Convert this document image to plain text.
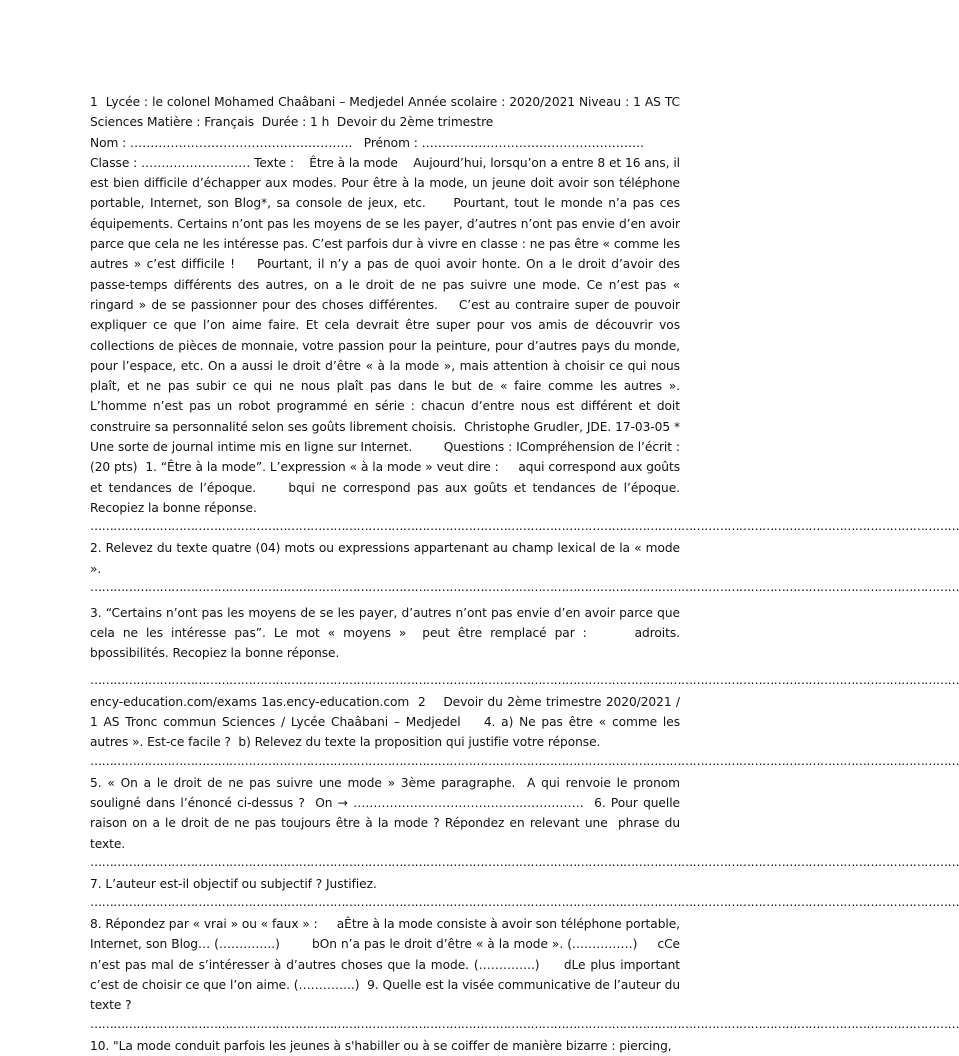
1  Lycée : le colonel Mohamed Chaâbani – Medjedel Année scolaire : 2020/2021 Niveau : 1 AS TC Sciences Matière : Français  Durée : 1 h  Devoir du 2ème trimestre

Nom : ……………………………………………….   Prénom : ……………………………………………….

Classe : ……………………… Texte :    Être à la mode    Aujourd’hui, lorsqu’on a entre 8 et 16 ans, il est bien difficile d’échapper aux modes. Pour être à la mode, un jeune doit avoir son téléphone portable, Internet, son Blog*, sa console de jeux, etc.     Pourtant, tout le monde n’a pas ces équipements. Certains n’ont pas les moyens de se les payer, d’autres n’ont pas envie d’en avoir parce que cela ne les intéresse pas. C’est parfois dur à vivre en classe : ne pas être « comme les autres » c’est difficile !    Pourtant, il n’y a pas de quoi avoir honte. On a le droit d’avoir des passe-temps différents des autres, on a le droit de ne pas suivre une mode. Ce n’est pas « ringard » de se passionner pour des choses différentes.    C’est au contraire super de pouvoir expliquer ce que l’on aime faire. Et cela devrait être super pour vos amis de découvrir vos collections de pièces de monnaie, votre passion pour la peinture, pour d’autres pays du monde, pour l’espace, etc. On a aussi le droit d’être « à la mode », mais attention à choisir ce qui nous plaît, et ne pas subir ce qui ne nous plaît pas dans le but de « faire comme les autres ».    L’homme n’est pas un robot programmé en série : chacun d’entre nous est différent et doit construire sa personnalité selon ses goûts librement choisis.  Christophe Grudler, JDE. 17-03-05 * Une sorte de journal intime mis en ligne sur Internet.        Questions : ICompréhension de l’écrit : (20 pts)  1. “Être à la mode”. L’expression « à la mode » veut dire :     aqui correspond aux goûts et tendances de l’époque.     bqui ne correspond pas aux goûts et tendances de l’époque. Recopiez la bonne réponse.

………………………………………………………………………………………………………………………………………………………………………………………………………

2. Relevez du texte quatre (04) mots ou expressions appartenant au champ lexical de la « mode ».

………………………………………………………………………………………………………………………………………………………………………………………………………

3. “Certains n’ont pas les moyens de se les payer, d’autres n’ont pas envie d’en avoir parce que cela ne les intéresse pas”. Le mot « moyens »  peut être remplacé par :      adroits.      bpossibilités. Recopiez la bonne réponse.

………………………………………………………………………………………………………………………………………………………………………………………………………

ency-education.com/exams 1as.ency-education.com  2    Devoir du 2ème trimestre 2020/2021 / 1 AS Tronc commun Sciences / Lycée Chaâbani – Medjedel    4. a) Ne pas être « comme les autres ». Est-ce facile ?  b) Relevez du texte la proposition qui justifie votre réponse.

………………………………………………………………………………………………………………………………………………………………………………………………………

5. « On a le droit de ne pas suivre une mode » 3ème paragraphe.  A qui renvoie le pronom souligné dans l’énoncé ci-dessus ?  On → …………………………………………………  6. Pour quelle raison on a le droit de ne pas toujours être à la mode ? Répondez en relevant une  phrase du texte.

………………………………………………………………………………………………………………………………………………………………………………………………………

7. L’auteur est-il objectif ou subjectif ? Justifiez.

………………………………………………………………………………………………………………………………………………………………………………………………………

8. Répondez par « vrai » ou « faux » :     aÊtre à la mode consiste à avoir son téléphone portable, Internet, son Blog… (…………..)        bOn n’a pas le droit d’être « à la mode ». (……………)     cCe n’est pas mal de s’intéresser à d’autres choses que la mode. (…………..)     dLe plus important c’est de choisir ce que l’on aime. (…………..)  9. Quelle est la visée communicative de l’auteur du texte ?

………………………………………………………………………………………………………………………………………………………………………………………………………

10. "La mode conduit parfois les jeunes à s'habiller ou à se coiffer de manière bizarre : piercing,
